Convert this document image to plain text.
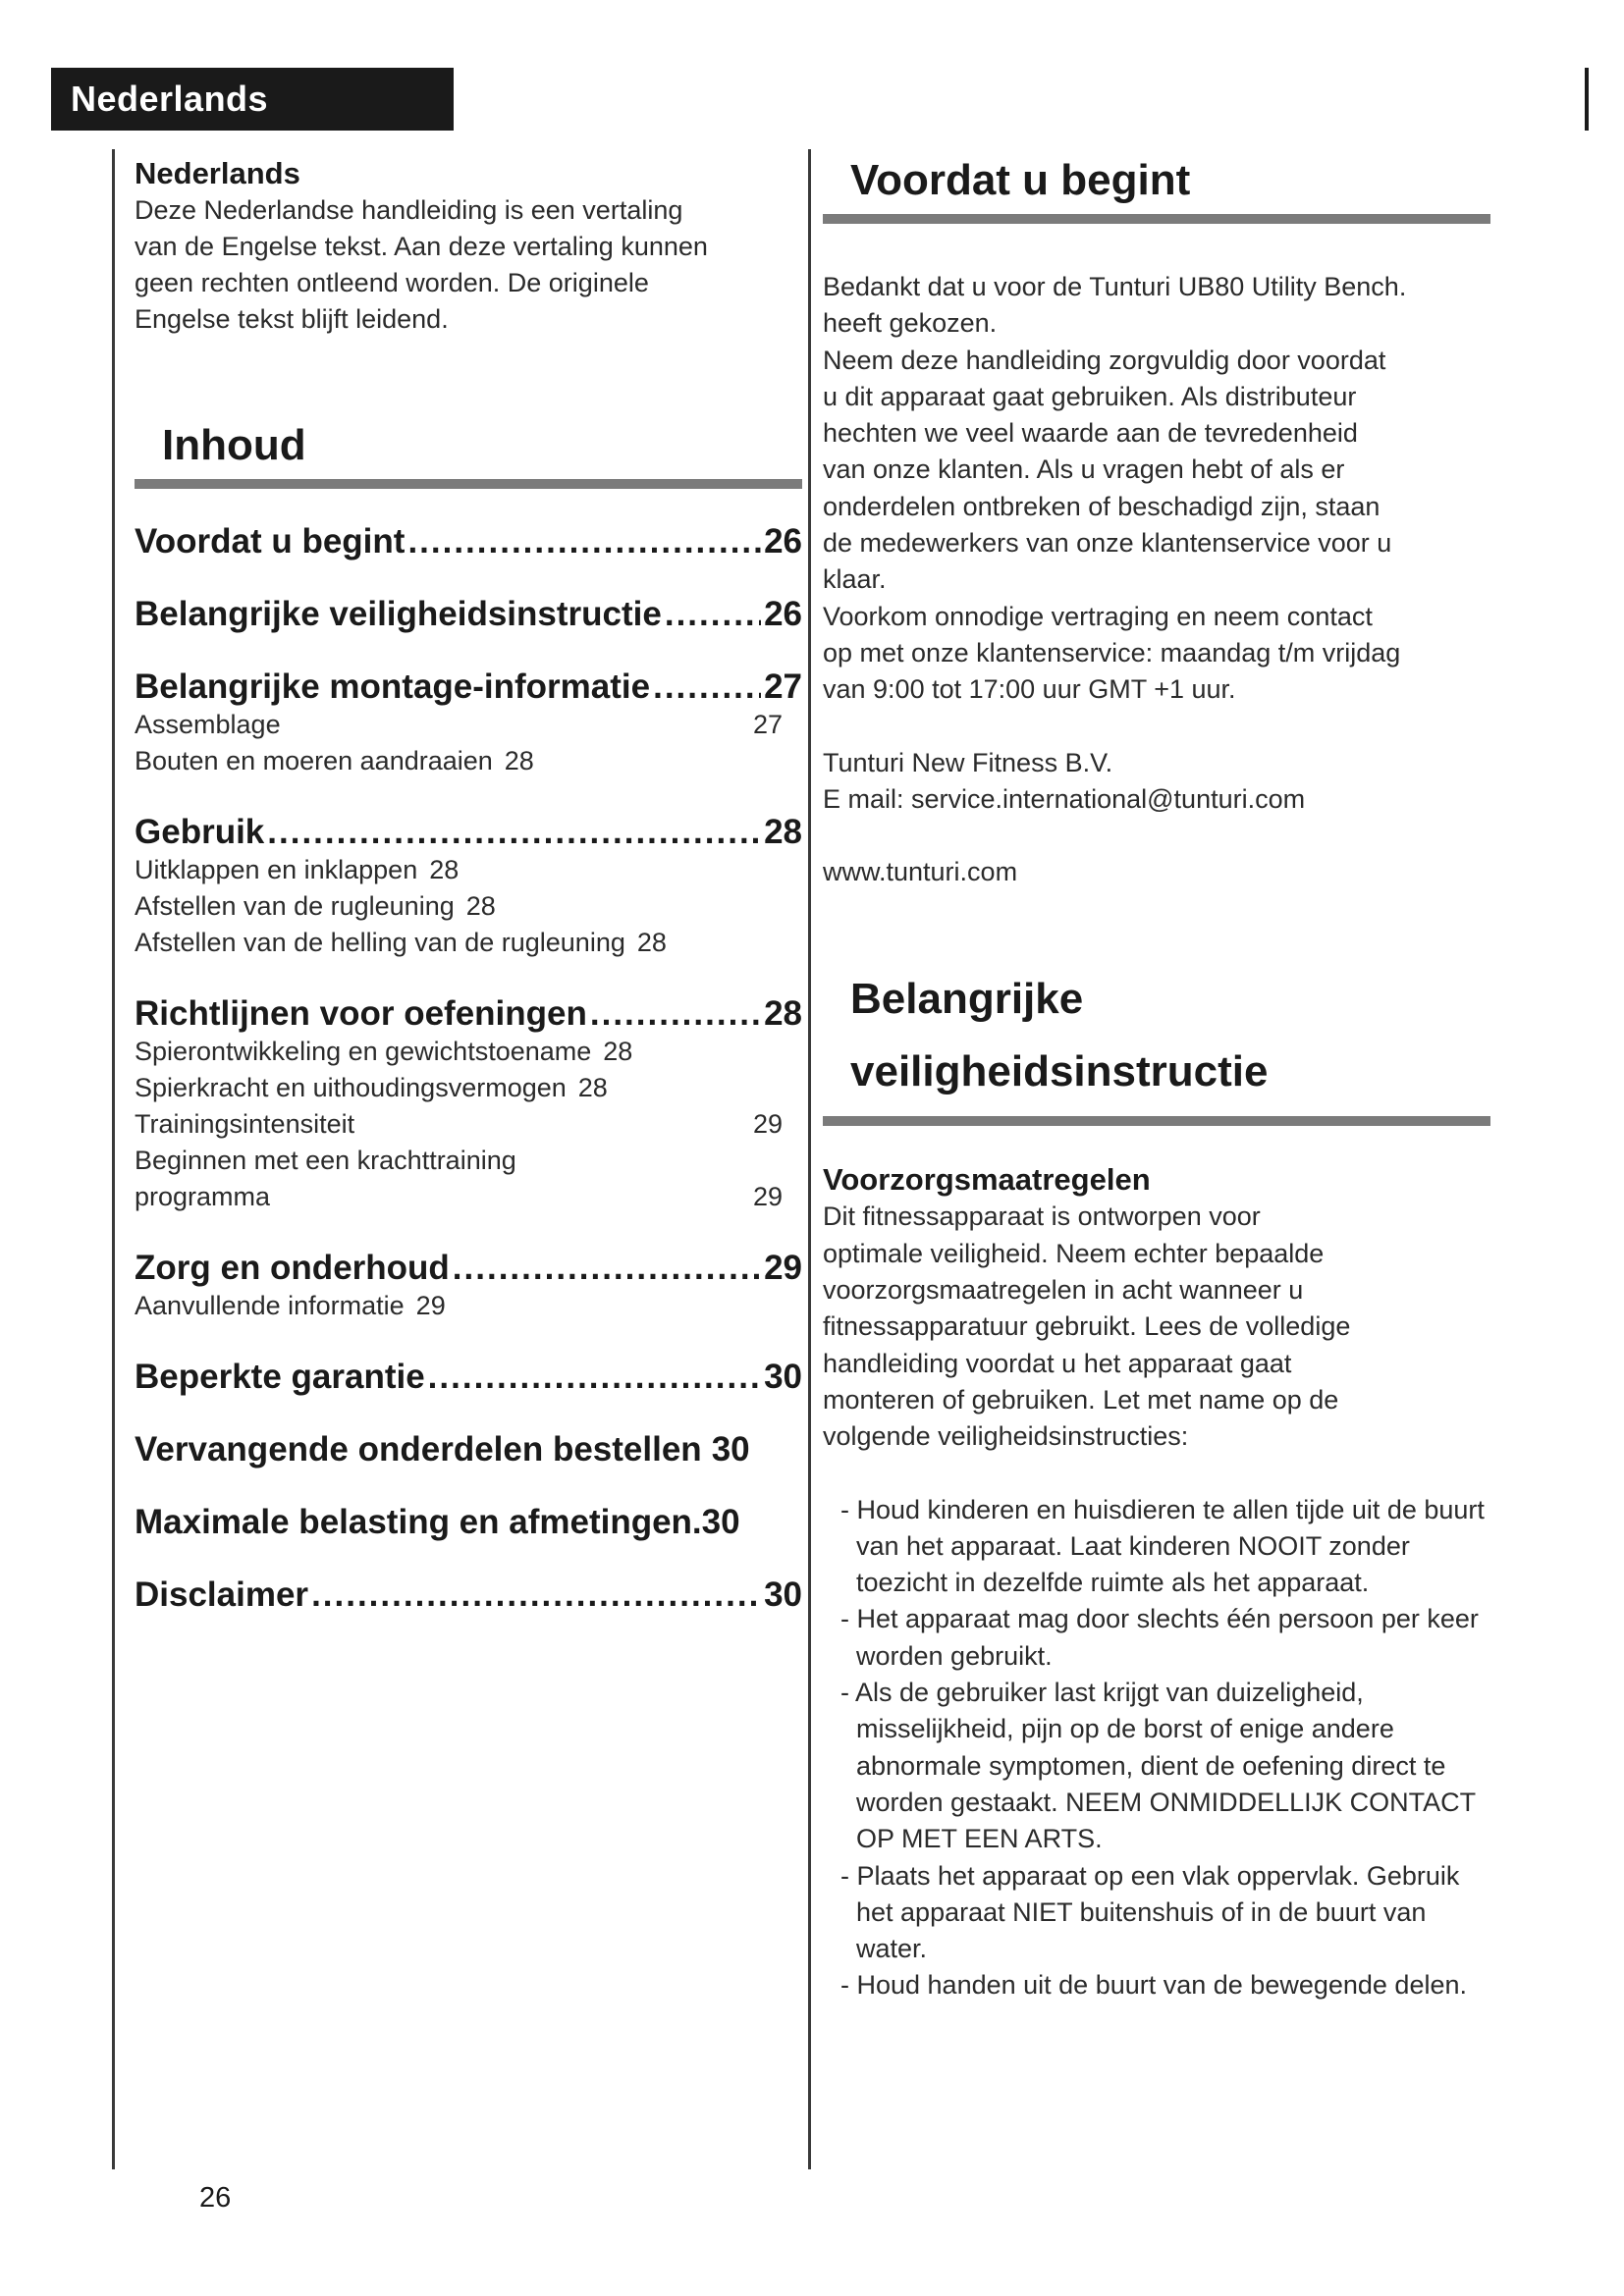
Nederlands

Nederlands

Deze Nederlandse handleiding is een vertaling

van de Engelse tekst. Aan deze vertaling kunnen

geen rechten ontleend worden. De originele

Engelse tekst blijft leidend.

Inhoud

Voordat u begint .....	26

Belangrijke veiligheidsinstructie .....	26

Belangrijke montage-informatie .....	27

Assemblage	27

Bouten en moeren aandraaien 28

Gebruik .....	28

Uitklappen en inklappen 28

Afstellen van de rugleuning 28

Afstellen van de helling van de rugleuning 28

Richtlijnen voor oefeningen .....	28

Spierontwikkeling en gewichtstoename 28

Spierkracht en uithoudingsvermogen 28

Trainingsintensiteit	29

Beginnen met een krachttraining

programma	29

Zorg en onderhoud .....	29

Aanvullende informatie 29

Beperkte garantie .....	30

Vervangende onderdelen bestellen 30

Maximale belasting en afmetingen. 30

Disclaimer .....	30

Voordat u begint

Bedankt dat u voor de Tunturi UB80 Utility Bench.

heeft gekozen.

Neem deze handleiding zorgvuldig door voordat

u dit apparaat gaat gebruiken. Als distributeur

hechten we veel waarde aan de tevredenheid

van onze klanten. Als u vragen hebt of als er

onderdelen ontbreken of beschadigd zijn, staan

de medewerkers van onze klantenservice voor u

klaar.

Voorkom onnodige vertraging en neem contact

op met onze klantenservice: maandag t/m vrijdag

van 9:00 tot 17:00 uur GMT +1 uur.

Tunturi New Fitness B.V.

E mail: service.international@tunturi.com

www.tunturi.com

Belangrijke
veiligheidsinstructie

Voorzorgsmaatregelen

Dit fitnessapparaat is ontworpen voor

optimale veiligheid. Neem echter bepaalde

voorzorgsmaatregelen in acht wanneer u

fitnessapparatuur gebruikt. Lees de volledige

handleiding voordat u het apparaat gaat

monteren of gebruiken. Let met name op de

volgende veiligheidsinstructies:

- Houd kinderen en huisdieren te allen tijde uit de buurt van het apparaat. Laat kinderen NOOIT zonder toezicht in dezelfde ruimte als het apparaat.
- Het apparaat mag door slechts één persoon per keer worden gebruikt.
- Als de gebruiker last krijgt van duizeligheid, misselijkheid, pijn op de borst of enige andere abnormale symptomen, dient de oefening direct te worden gestaakt. NEEM ONMIDDELLIJK CONTACT OP MET EEN ARTS.
- Plaats het apparaat op een vlak oppervlak. Gebruik het apparaat NIET buitenshuis of in de buurt van water.
- Houd handen uit de buurt van de bewegende delen.
26
